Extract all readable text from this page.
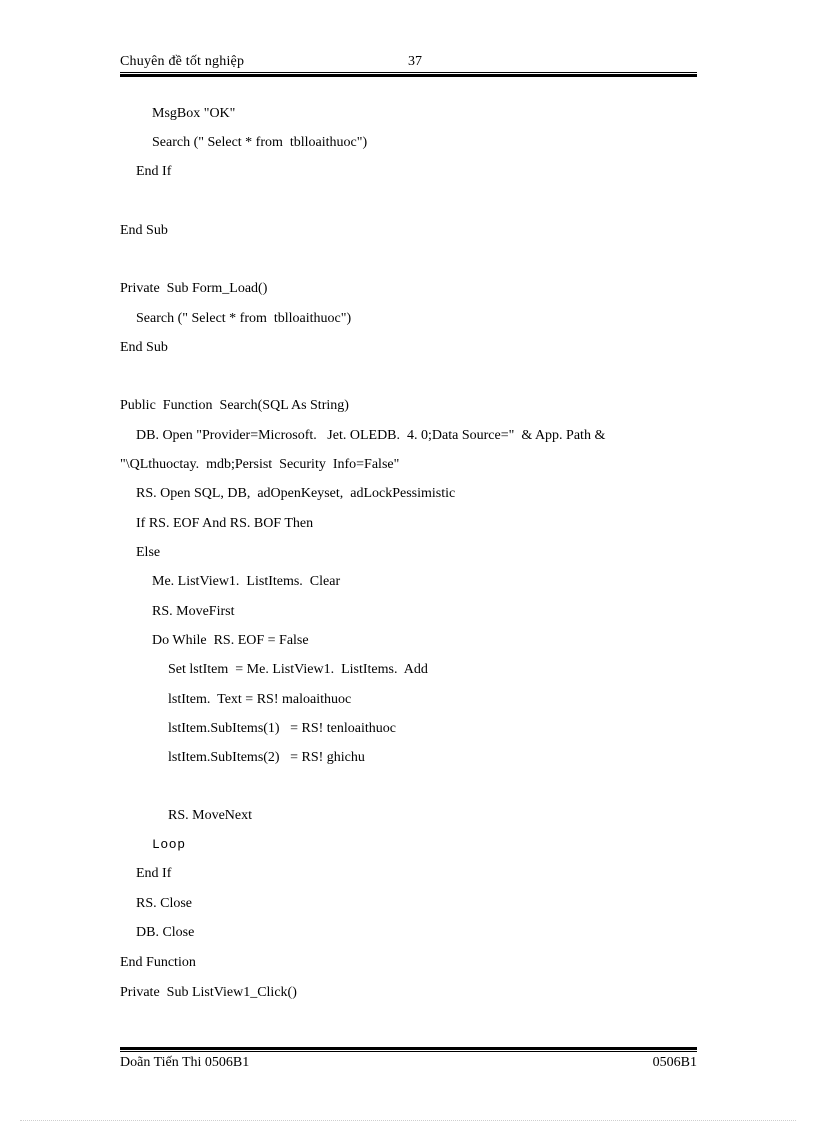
Chuyên đề tốt nghiệp	37
MsgBox "OK"
Search (" Select * from  tblloaithuoc")
End If
End Sub
Private  Sub Form_Load()
Search (" Select * from  tblloaithuoc")
End Sub
Public  Function  Search(SQL As String)
DB. Open "Provider=Microsoft.   Jet. OLEDB.  4. 0;Data Source="  & App. Path &
"\QLthuoctay.  mdb;Persist  Security  Info=False"
RS. Open SQL, DB,  adOpenKeyset,  adLockPessimistic
If RS. EOF And RS. BOF Then
Else
Me. ListView1.  ListItems.  Clear
RS. MoveFirst
Do While  RS. EOF = False
Set lstItem  = Me. ListView1.  ListItems.  Add
lstItem.  Text = RS! maloaithuoc
lstItem.SubItems(1)   = RS! tenloaithuoc
lstItem.SubItems(2)   = RS! ghichu
RS. MoveNext
Loop
End If
RS. Close
DB. Close
End Function
Private  Sub ListView1_Click()
Doãn Tiến Thi 0506B1	0506B1
